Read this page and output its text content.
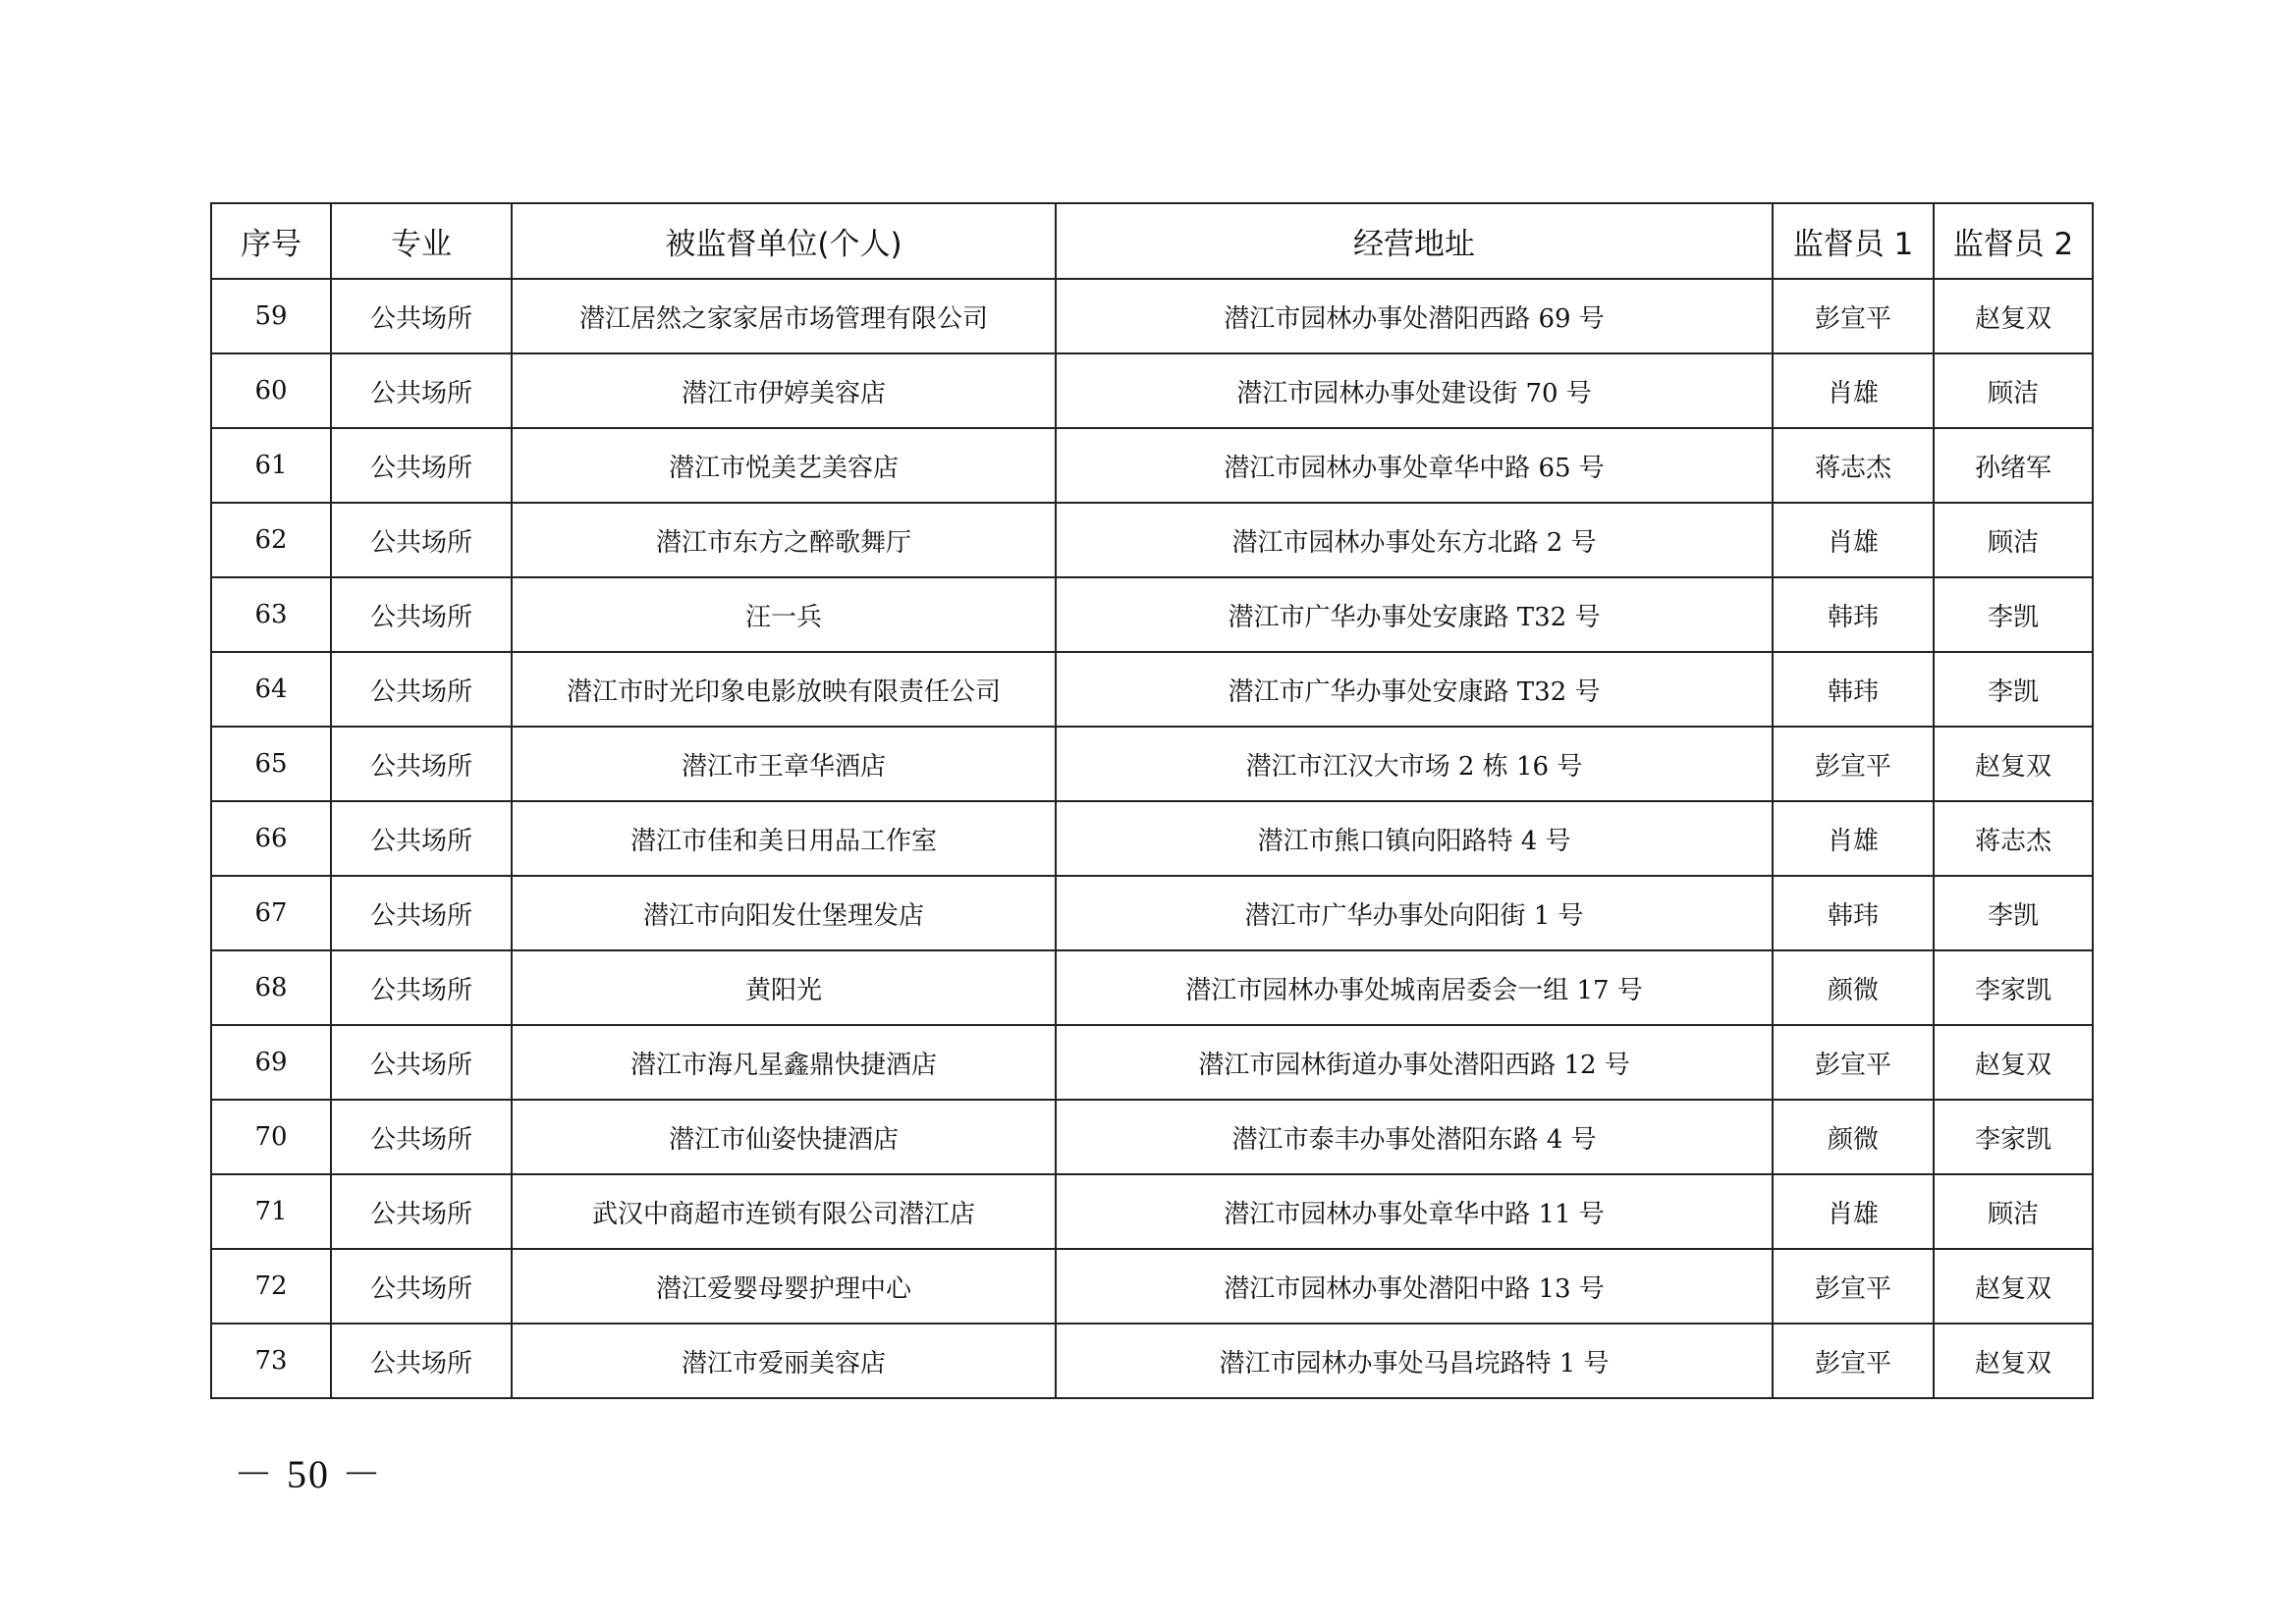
序号	专业	被监督单位(个人)	经营地址	监督员 1	监督员 2
59	公共场所	潜江居然之家家居市场管理有限公司	潜江市园林办事处潜阳西路 69 号	彭宣平	赵复双
60	公共场所	潜江市伊婷美容店	潜江市园林办事处建设街 70 号	肖雄	顾洁
61	公共场所	潜江市悦美艺美容店	潜江市园林办事处章华中路 65 号	蒋志杰	孙绪军
62	公共场所	潜江市东方之醉歌舞厅	潜江市园林办事处东方北路 2 号	肖雄	顾洁
63	公共场所	汪一兵	潜江市广华办事处安康路 T32 号	韩玮	李凯
64	公共场所	潜江市时光印象电影放映有限责任公司	潜江市广华办事处安康路 T32 号	韩玮	李凯
65	公共场所	潜江市王章华酒店	潜江市江汉大市场 2 栋 16 号	彭宣平	赵复双
66	公共场所	潜江市佳和美日用品工作室	潜江市熊口镇向阳路特 4 号	肖雄	蒋志杰
67	公共场所	潜江市向阳发仕堡理发店	潜江市广华办事处向阳街 1 号	韩玮	李凯
68	公共场所	黄阳光	潜江市园林办事处城南居委会一组 17 号	颜微	李家凯
69	公共场所	潜江市海凡星鑫鼎快捷酒店	潜江市园林街道办事处潜阳西路 12 号	彭宣平	赵复双
70	公共场所	潜江市仙姿快捷酒店	潜江市泰丰办事处潜阳东路 4 号	颜微	李家凯
71	公共场所	武汉中商超市连锁有限公司潜江店	潜江市园林办事处章华中路 11 号	肖雄	顾洁
72	公共场所	潜江爱婴母婴护理中心	潜江市园林办事处潜阳中路 13 号	彭宣平	赵复双
73	公共场所	潜江市爱丽美容店	潜江市园林办事处马昌垸路特 1 号	彭宣平	赵复双
－ 50 －
